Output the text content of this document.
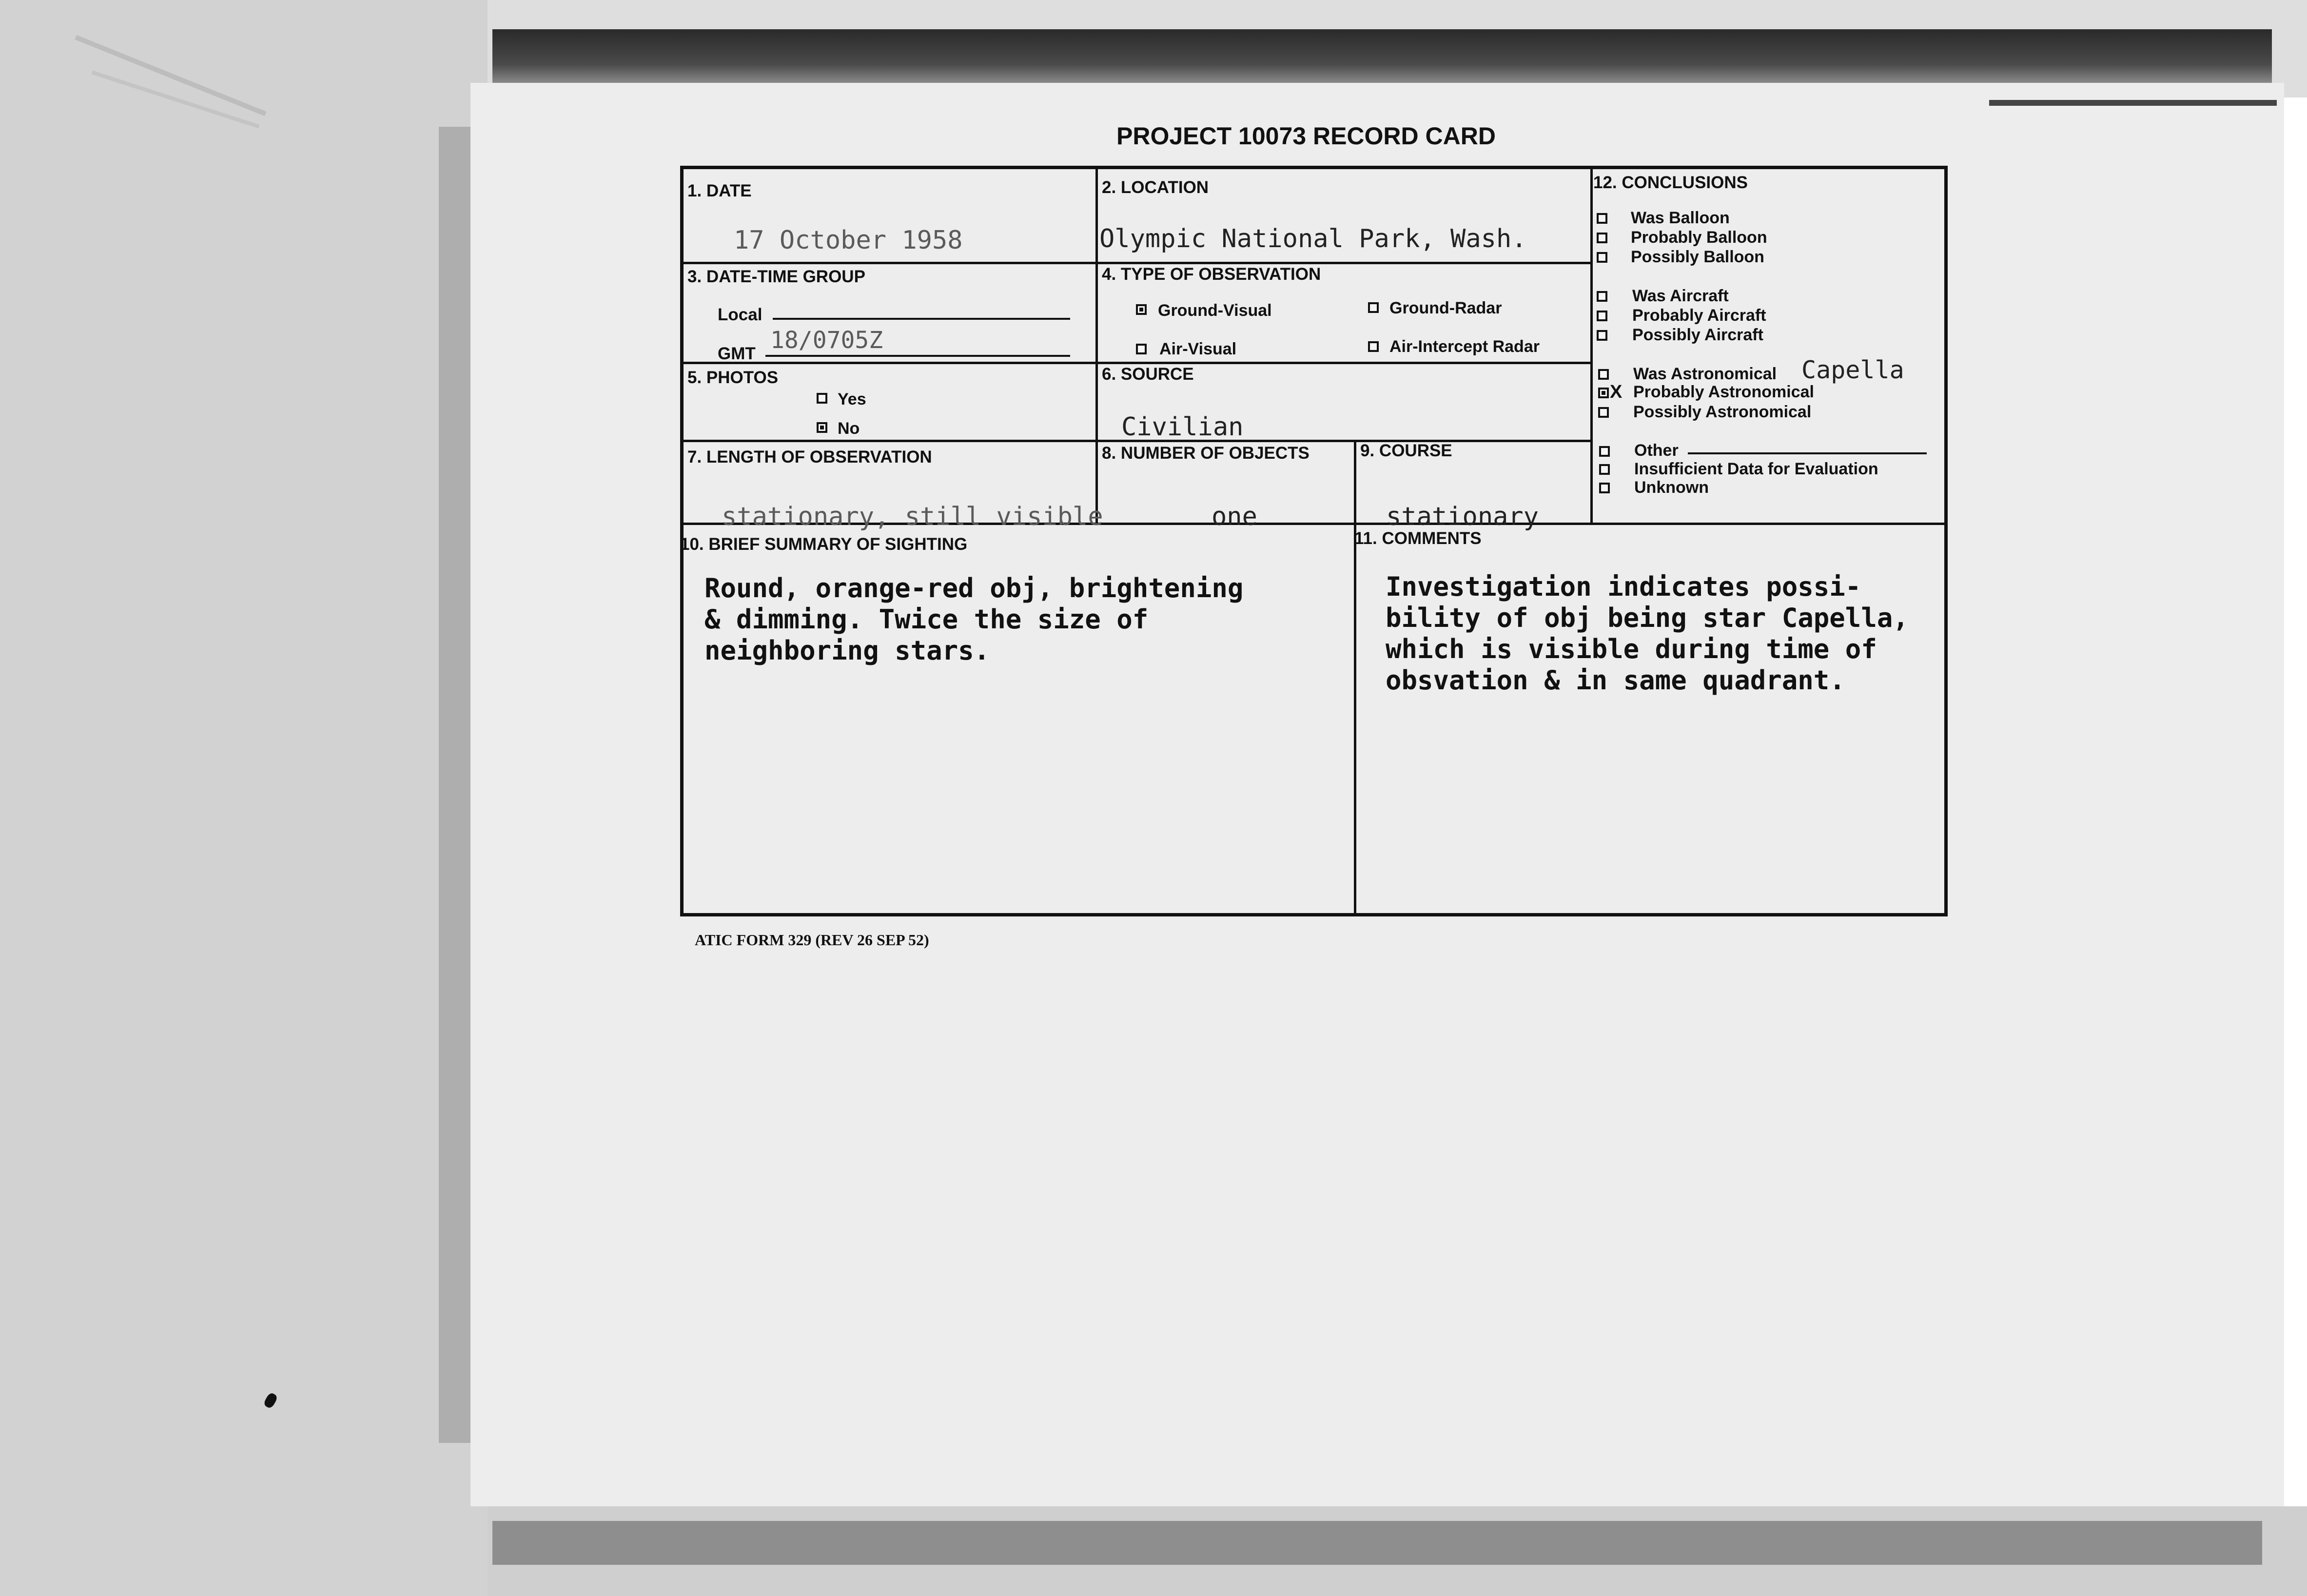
PROJECT 10073 RECORD CARD
1. DATE
17 October 1958
2. LOCATION
Olympic National Park, Wash.
3. DATE-TIME GROUP
Local
GMT 18/0705Z
4. TYPE OF OBSERVATION
Ground-Visual	Ground-Radar
Air-Visual	Air-Intercept Radar
5. PHOTOS
Yes
No
6. SOURCE
Civilian
7. LENGTH OF OBSERVATION
stationary, still visible
8. NUMBER OF OBJECTS
one
9. COURSE
stationary
10. BRIEF SUMMARY OF SIGHTING
Round, orange-red obj, brightening
& dimming. Twice the size of
neighboring stars.
11. COMMENTS
Investigation indicates possi-
bility of obj being star Capella,
which is visible during time of
obsvation & in same quadrant.
12. CONCLUSIONS
Was Balloon
Probably Balloon
Possibly Balloon
Was Aircraft
Probably Aircraft
Possibly Aircraft
Was Astronomical Capella
X Probably Astronomical
Possibly Astronomical
Other
Insufficient Data for Evaluation
Unknown
ATIC FORM 329 (REV 26 SEP 52)
